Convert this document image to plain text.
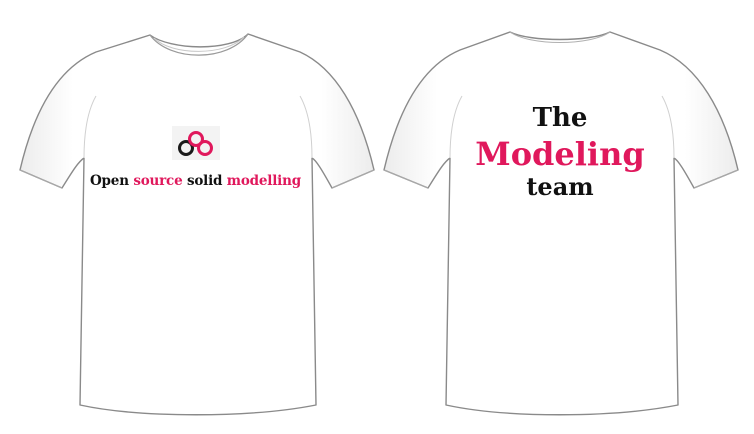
Open source solid modelling
The
Modeling
team
